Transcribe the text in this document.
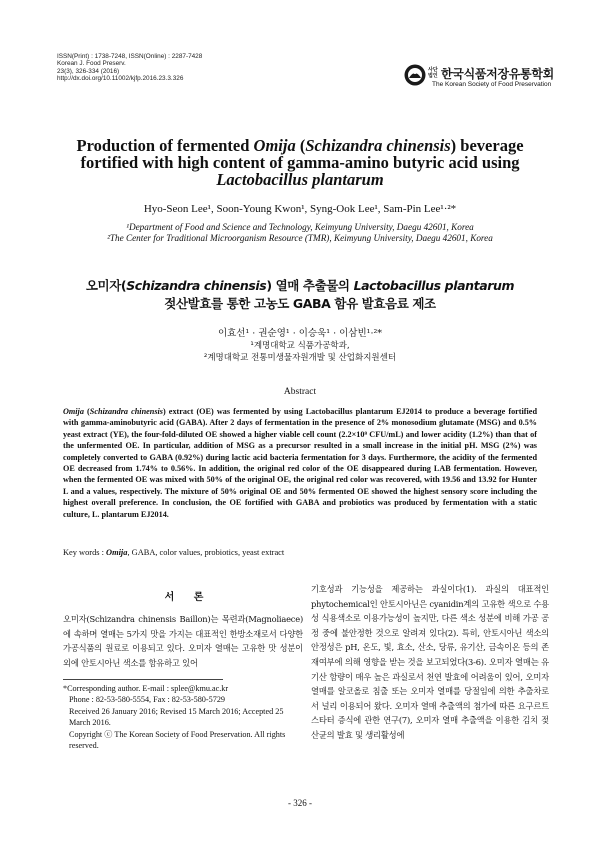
ISSN(Print) : 1738-7248, ISSN(Online) : 2287-7428
Korean J. Food Preserv.
23(3), 326-334 (2016)
http://dx.doi.org/10.11002/kjfp.2016.23.3.326
사단
법인 한국식품저장유통학회
The Korean Society of Food Preservation
Production of fermented Omija (Schizandra chinensis) beverage
fortified with high content of gamma-amino butyric acid using
Lactobacillus plantarum
Hyo-Seon Lee¹, Soon-Young Kwon¹, Syng-Ook Lee¹, Sam-Pin Lee¹·²*
¹Department of Food and Science and Technology, Keimyung University, Daegu 42601, Korea
²The Center for Traditional Microorganism Resource (TMR), Keimyung University, Daegu 42601, Korea
오미자(Schizandra chinensis) 열매 추출물의 Lactobacillus plantarum
젖산발효를 통한 고농도 GABA 함유 발효음료 제조
이효선¹ · 권순영¹ · 이승욱¹ · 이삼빈¹·²*
¹계명대학교 식품가공학과,
²계명대학교 전통미생물자원개발 및 산업화지원센터
Abstract
Omija (Schizandra chinensis) extract (OE) was fermented by using Lactobacillus plantarum EJ2014 to produce a beverage fortified with gamma-aminobutyric acid (GABA). After 2 days of fermentation in the presence of 2% monosodium glutamate (MSG) and 0.5% yeast extract (YE), the four-fold-diluted OE showed a higher viable cell count (2.2×10⁹ CFU/mL) and lower acidity (1.2%) than that of the unfermented OE. In particular, addition of MSG as a precursor resulted in a small increase in the initial pH. MSG (2%) was completely converted to GABA (0.92%) during lactic acid bacteria fermentation for 3 days. Furthermore, the acidity of the fermented OE decreased from 1.74% to 0.56%. In addition, the original red color of the OE disappeared during LAB fermentation. However, when the fermented OE was mixed with 50% of the original OE, the original red color was recovered, with 19.56 and 13.92 for Hunter L and a values, respectively. The mixture of 50% original OE and 50% fermented OE showed the highest sensory score including the highest overall preference. In conclusion, the OE fortified with GABA and probiotics was produced by fermentation with a static culture, L. plantarum EJ2014.
Key words : Omija, GABA, color values, probiotics, yeast extract
서 론
오미자(Schizandra chinensis Baillon)는 목련과(Magnoliaece)에 속하며 열매는 5가지 맛을 가지는 대표적인 한방소재로서 다양한 가공식품의 원료로 이용되고 있다. 오미자 열매는 고유한 맛 성분이외에 안토시아닌 색소를 함유하고 있어
기호성과 기능성을 제공하는 과실이다(1). 과실의 대표적인 phytochemical인 안토시아닌은 cyanidin계의 고유한 색으로 수용성 식용색소로 이용가능성이 높지만, 다른 색소 성분에 비해 가공 공정 중에 불안정한 것으로 알려져 있다(2). 특히, 안토시아닌 색소의 안정성은 pH, 온도, 빛, 효소, 산소, 당류, 유기산, 금속이온 등의 존재여부에 의해 영향을 받는 것을 보고되었다(3-6). 오미자 열매는 유기산 함량이 매우 높은 과실로서 천연 발효에 어려움이 있어, 오미자 열매를 알코올로 침출 또는 오미자 열매를 당절임에 의한 추출차로서 널리 이용되어 왔다. 오미자 열매 추출액의 첨가에 따른 요구르트 스타터 증식에 관한 연구(7), 오미자 열매 추출액을 이용한 김치 젖산균의 발효 및 생리활성에
*Corresponding author. E-mail : splee@kmu.ac.kr
Phone : 82-53-580-5554, Fax : 82-53-580-5729
Received 26 January 2016; Revised 15 March 2016; Accepted 25 March 2016.
Copyright ⓒ The Korean Society of Food Preservation. All rights reserved.
- 326 -
